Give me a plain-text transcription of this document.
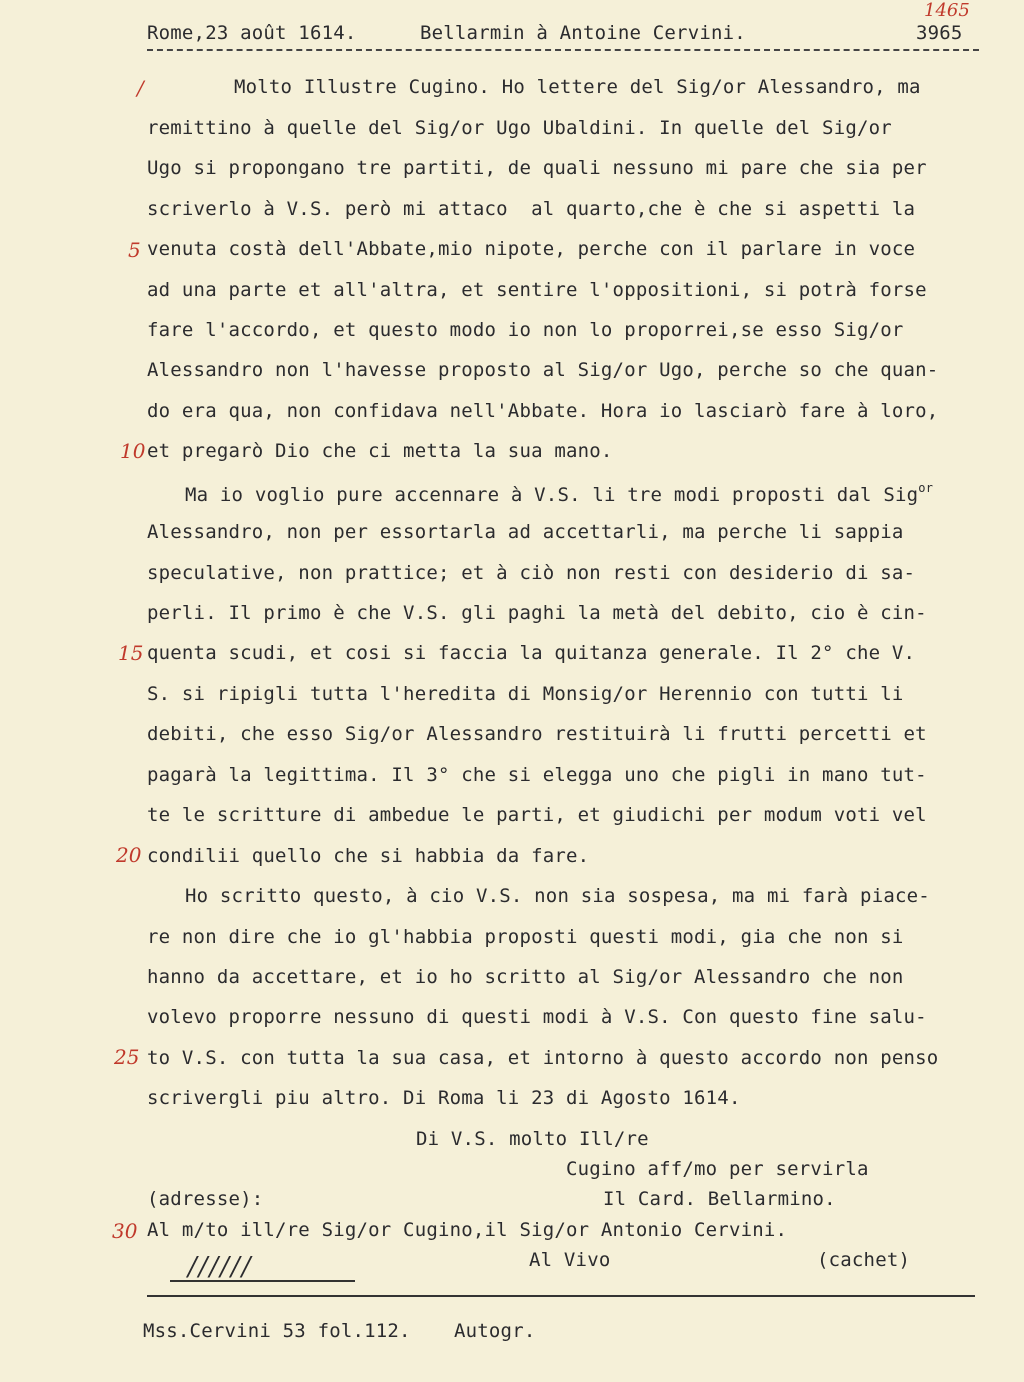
Rome,23 août 1614.	Bellarmin à Antoine Cervini.	3965
1465
/
5
10
15
20
25
30
Molto Illustre Cugino. Ho lettere del Sig/or Alessandro, ma
remittino à quelle del Sig/or Ugo Ubaldini. In quelle del Sig/or
Ugo si propongano tre partiti, de quali nessuno mi pare che sia per
scriverlo à V.S. però mi attaco  al quarto,che è che si aspetti la
venuta costà dell'Abbate,mio nipote, perche con il parlare in voce
ad una parte et all'altra, et sentire l'oppositioni, si potrà forse
fare l'accordo, et questo modo io non lo proporrei,se esso Sig/or
Alessandro non l'havesse proposto al Sig/or Ugo, perche so che quan-
do era qua, non confidava nell'Abbate. Hora io lasciarò fare à loro,
et pregarò Dio che ci metta la sua mano.
Ma io voglio pure accennare à V.S. li tre modi proposti dal Sig$^{or}$
Alessandro, non per essortarla ad accettarli, ma perche li sappia
speculative, non prattice; et à ciò non resti con desiderio di sa-
perli. Il primo è che V.S. gli paghi la metà del debito, cio è cin-
quenta scudi, et cosi si faccia la quitanza generale. Il 2° che V.
S. si ripigli tutta l'heredita di Monsig/or Herennio con tutti li
debiti, che esso Sig/or Alessandro restituirà li frutti percetti et
pagarà la legittima. Il 3° che si elegga uno che pigli in mano tut-
te le scritture di ambedue le parti, et giudichi per modum voti vel
condilii quello che si habbia da fare.
Ho scritto questo, à cio V.S. non sia sospesa, ma mi farà piace-
re non dire che io gl'habbia proposti questi modi, gia che non si
hanno da accettare, et io ho scritto al Sig/or Alessandro che non
volevo proporre nessuno di questi modi à V.S. Con questo fine salu-
to V.S. con tutta la sua casa, et intorno à questo accordo non penso
scrivergli piu altro. Di Roma li 23 di Agosto 1614.
Di V.S. molto Ill/re
Cugino aff/mo per servirla
Il Card. Bellarmino.
(adresse):
Al m/to ill/re Sig/or Cugino,il Sig/or Antonio Cervini.
Al Vivo	(cachet)
//////
Mss.Cervini 53 fol.112. Autogr.
